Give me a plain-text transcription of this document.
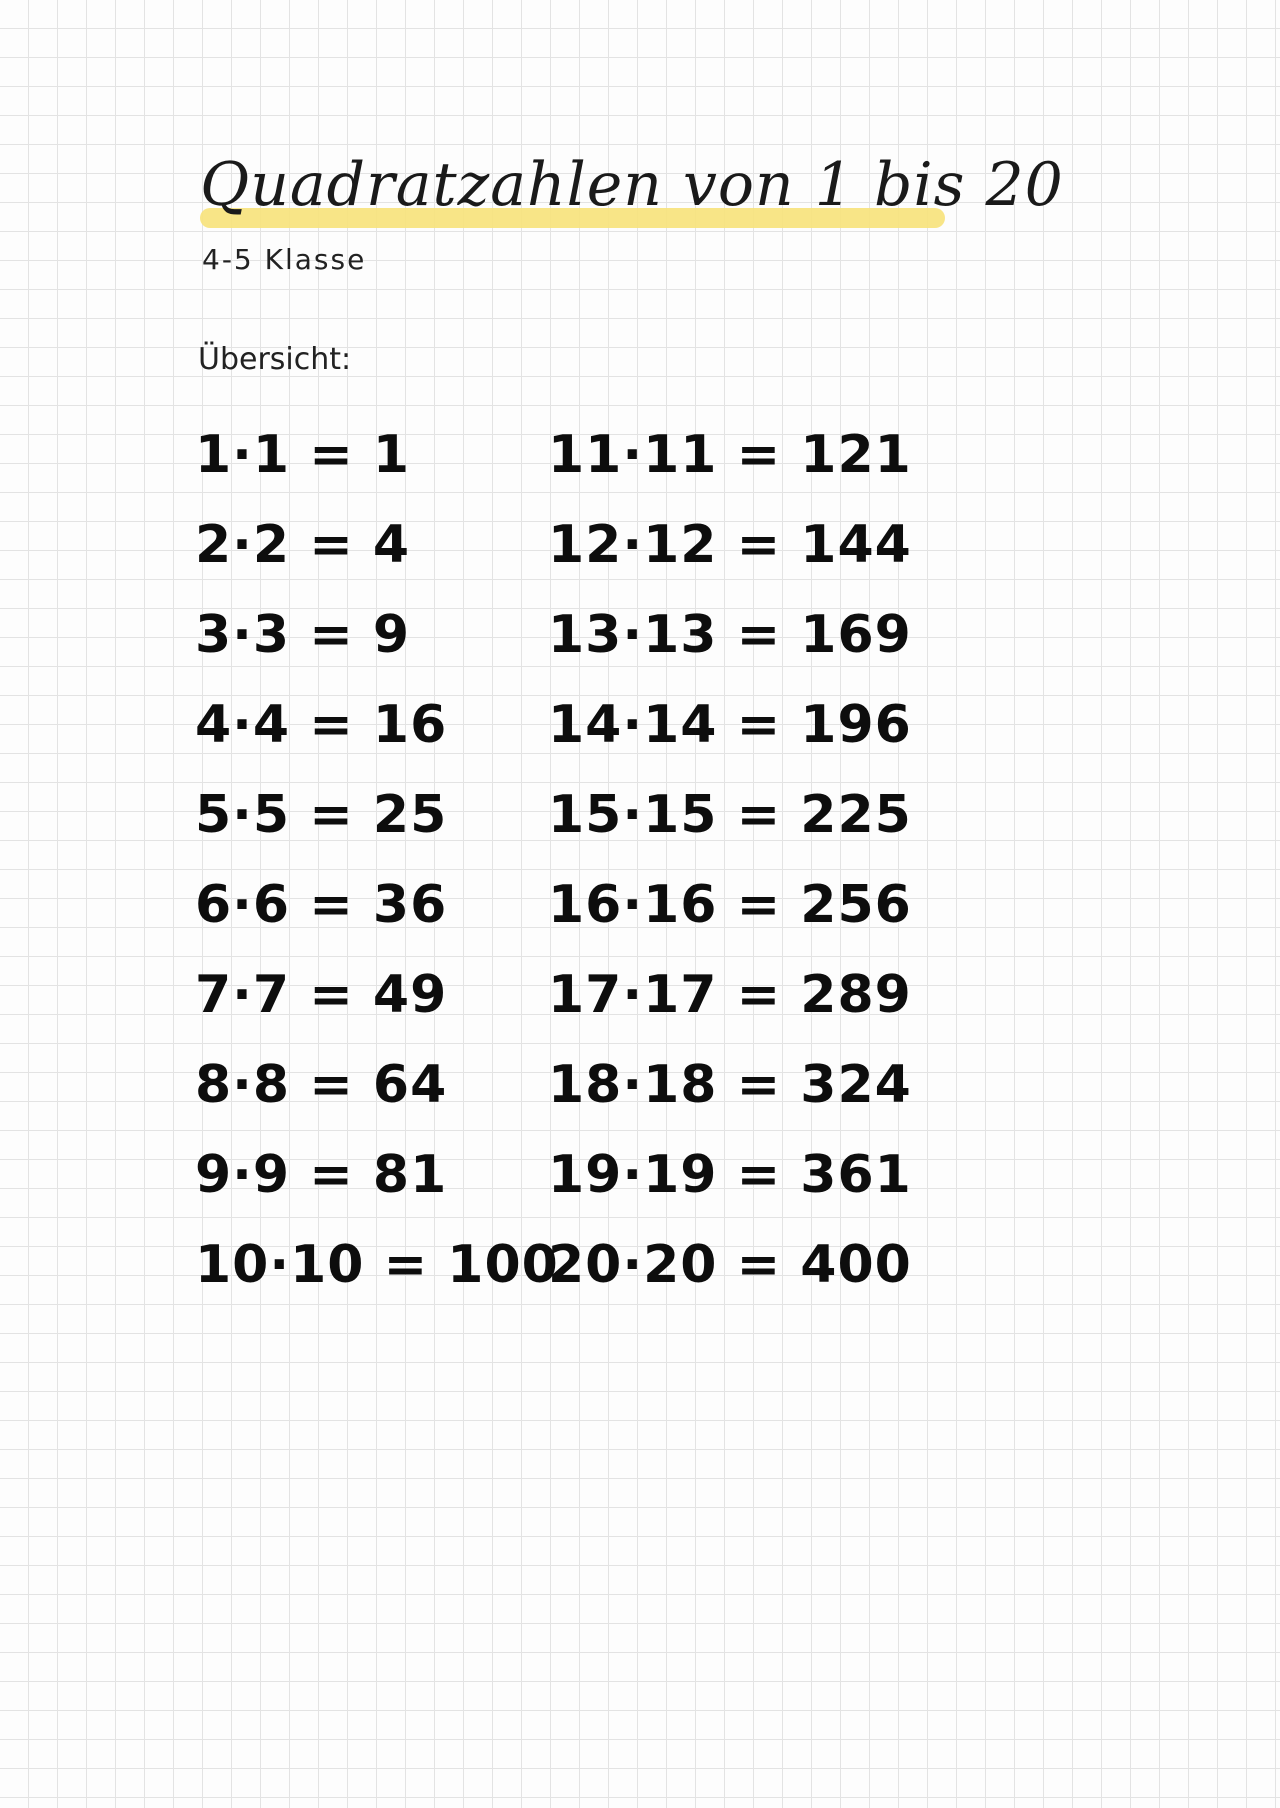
Quadratzahlen von 1 bis 20
4-5 Klasse
Übersicht:
1·1 = 1
2·2 = 4
3·3 = 9
4·4 = 16
5·5 = 25
6·6 = 36
7·7 = 49
8·8 = 64
9·9 = 81
10·10 = 100
11·11 = 121
12·12 = 144
13·13 = 169
14·14 = 196
15·15 = 225
16·16 = 256
17·17 = 289
18·18 = 324
19·19 = 361
20·20 = 400
